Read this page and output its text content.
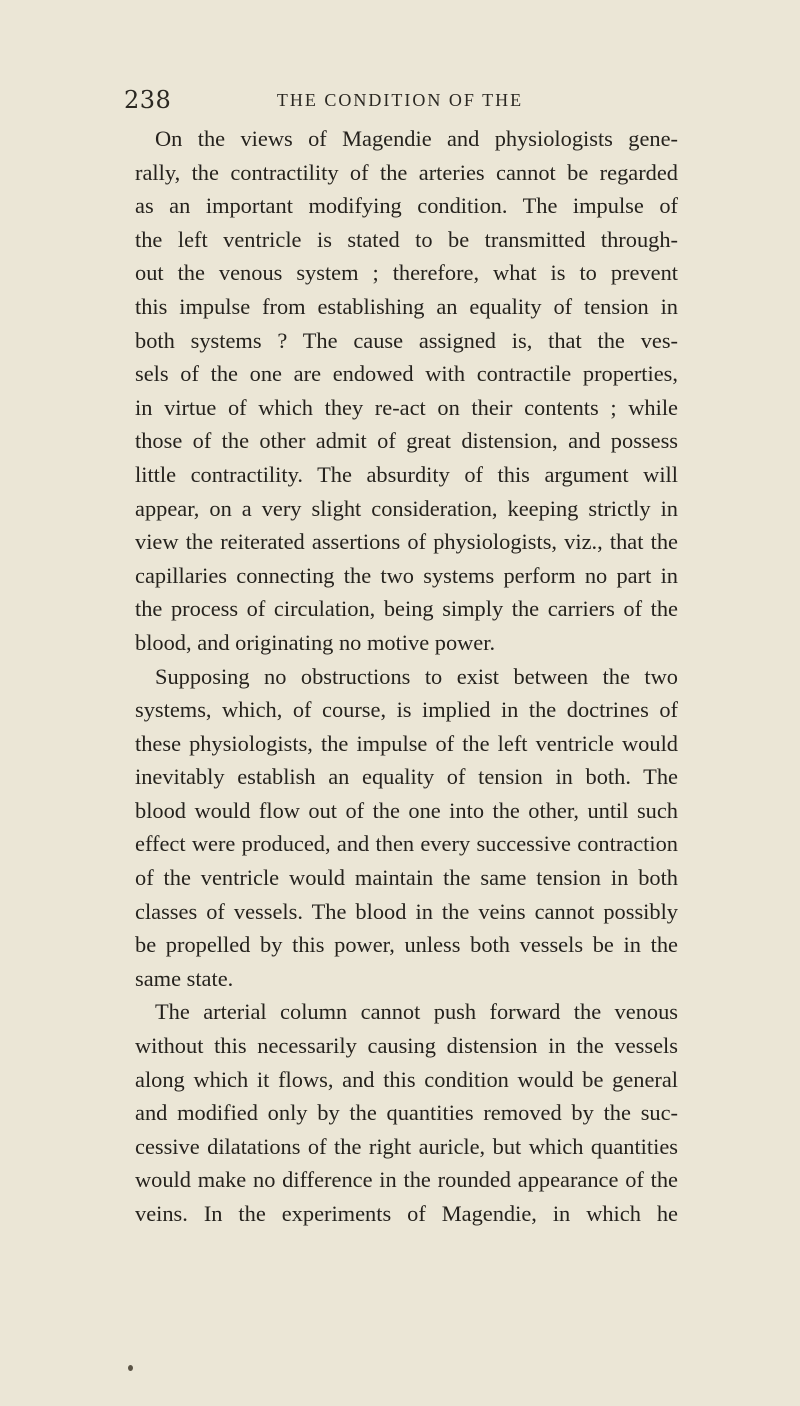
238	THE CONDITION OF THE
On the views of Magendie and physiologists gene-
rally, the contractility of the arteries cannot be regarded
as an important modifying condition. The impulse of
the left ventricle is stated to be transmitted through-
out the venous system ; therefore, what is to prevent
this impulse from establishing an equality of tension in
both systems ? The cause assigned is, that the ves-
sels of the one are endowed with contractile properties,
in virtue of which they re-act on their contents ; while
those of the other admit of great distension, and possess
little contractility. The absurdity of this argument will
appear, on a very slight consideration, keeping strictly in
view the reiterated assertions of physiologists, viz., that the
capillaries connecting the two systems perform no part in
the process of circulation, being simply the carriers of the
blood, and originating no motive power.
Supposing no obstructions to exist between the two
systems, which, of course, is implied in the doctrines of
these physiologists, the impulse of the left ventricle would
inevitably establish an equality of tension in both. The
blood would flow out of the one into the other, until such
effect were produced, and then every successive contraction
of the ventricle would maintain the same tension in both
classes of vessels. The blood in the veins cannot possibly
be propelled by this power, unless both vessels be in the
same state.
The arterial column cannot push forward the venous
without this necessarily causing distension in the vessels
along which it flows, and this condition would be general
and modified only by the quantities removed by the suc-
cessive dilatations of the right auricle, but which quantities
would make no difference in the rounded appearance of the
veins. In the experiments of Magendie, in which he
